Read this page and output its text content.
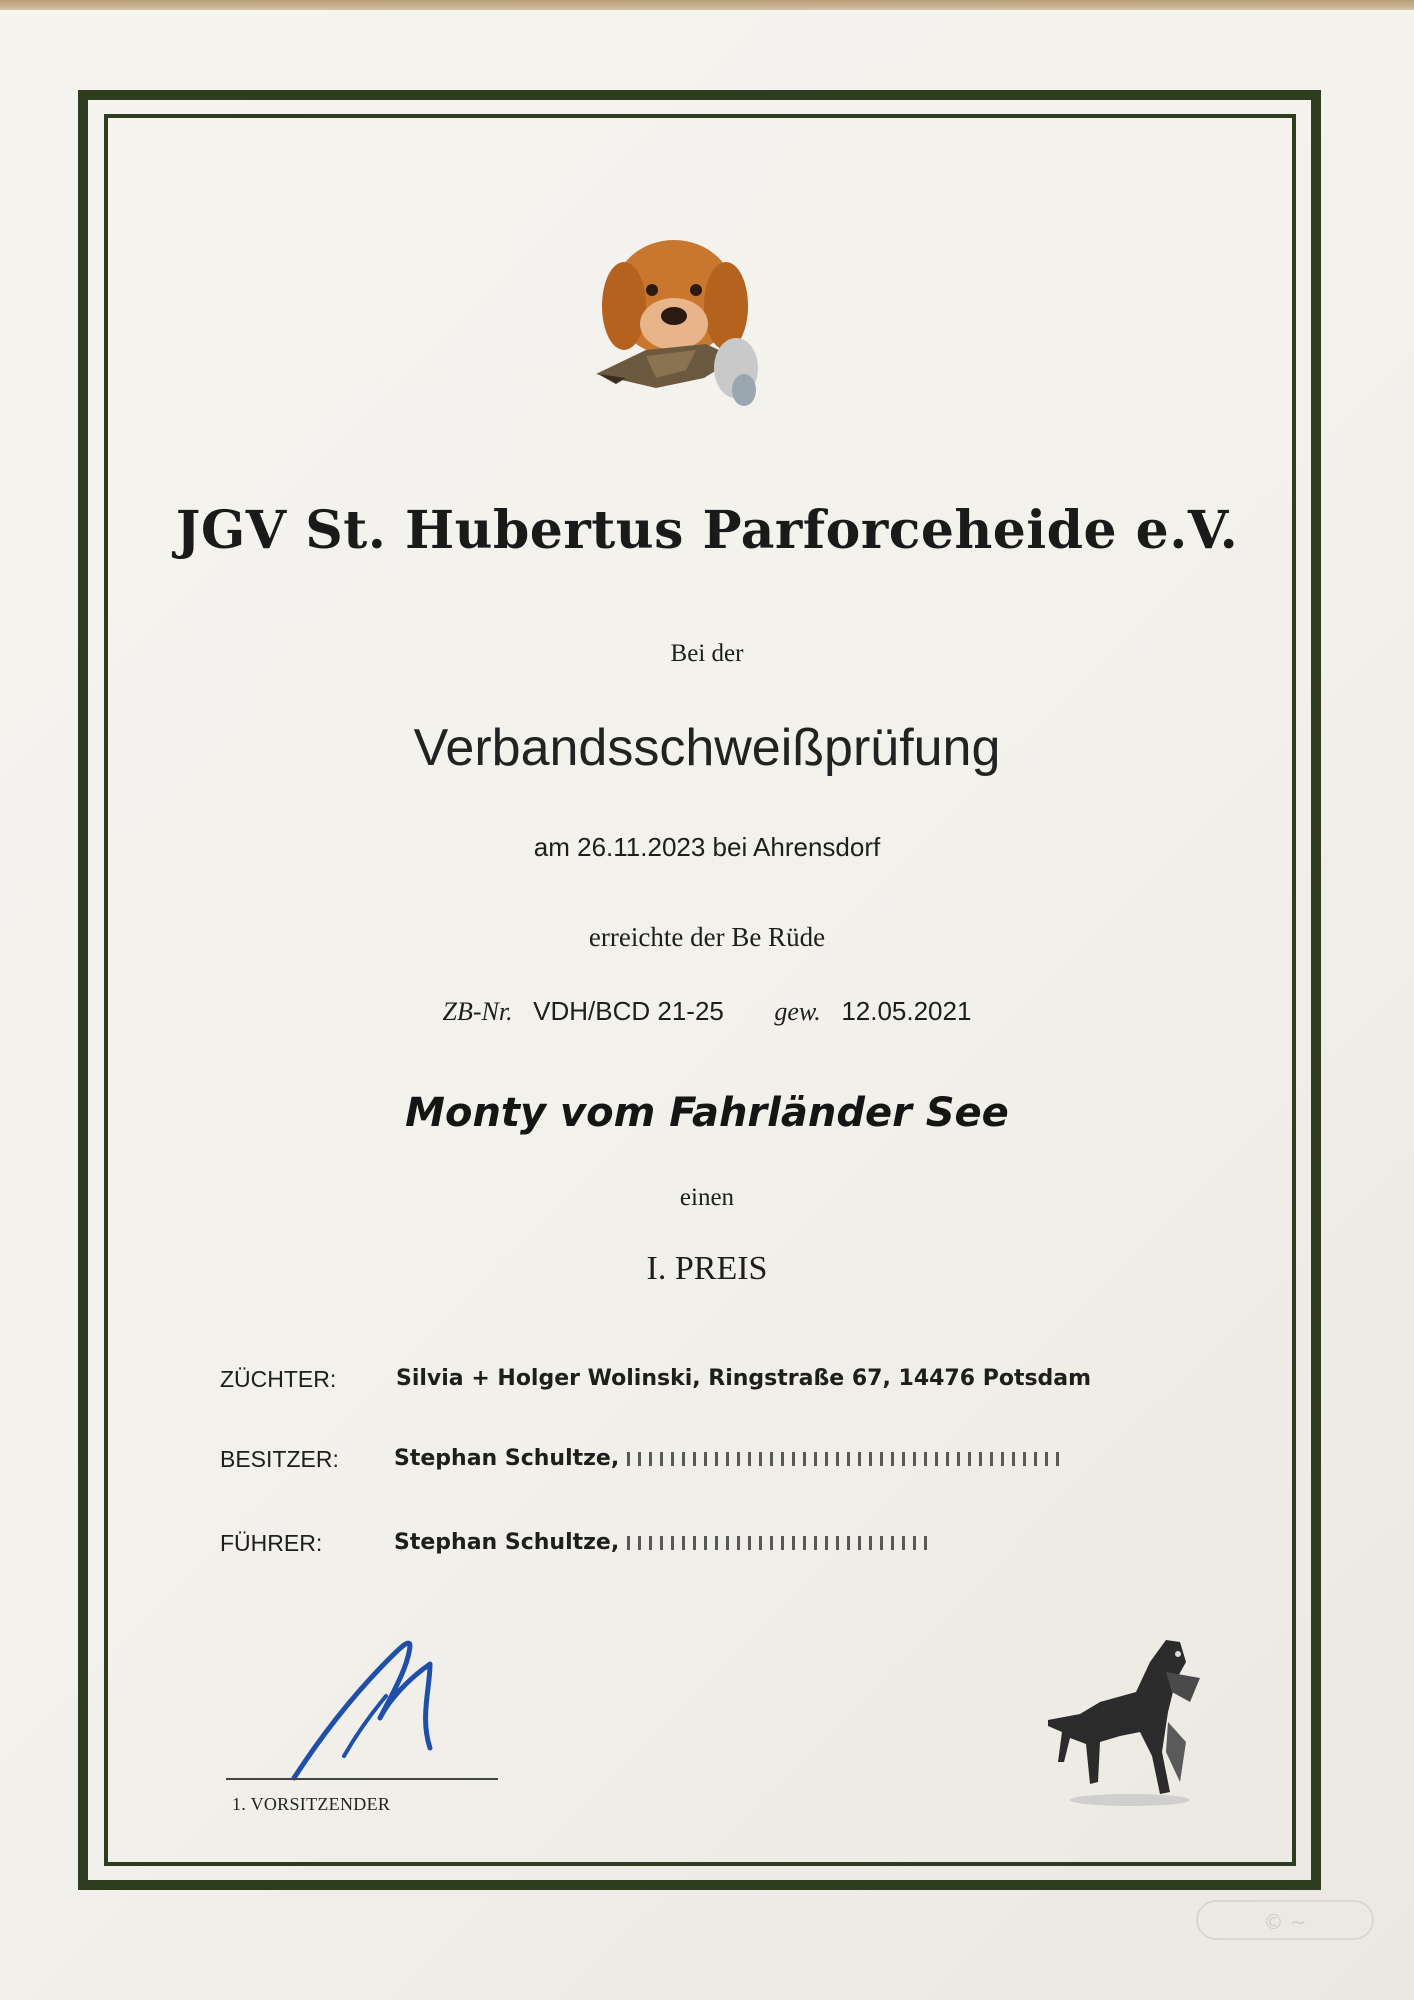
JGV St. Hubertus Parforceheide e.V.
Bei der
Verbandsschweißprüfung
am 26.11.2023 bei Ahrensdorf
erreichte der Be Rüde
ZB-Nr. VDH/BCD 21-25 gew. 12.05.2021
Monty vom Fahrländer See
einen
I. PREIS
ZÜCHTER:	Silvia + Holger Wolinski, Ringstraße 67, 14476 Potsdam
BESITZER:	Stephan Schultze,
FÜHRER:	Stephan Schultze,
1. VORSITZENDER
© ~
